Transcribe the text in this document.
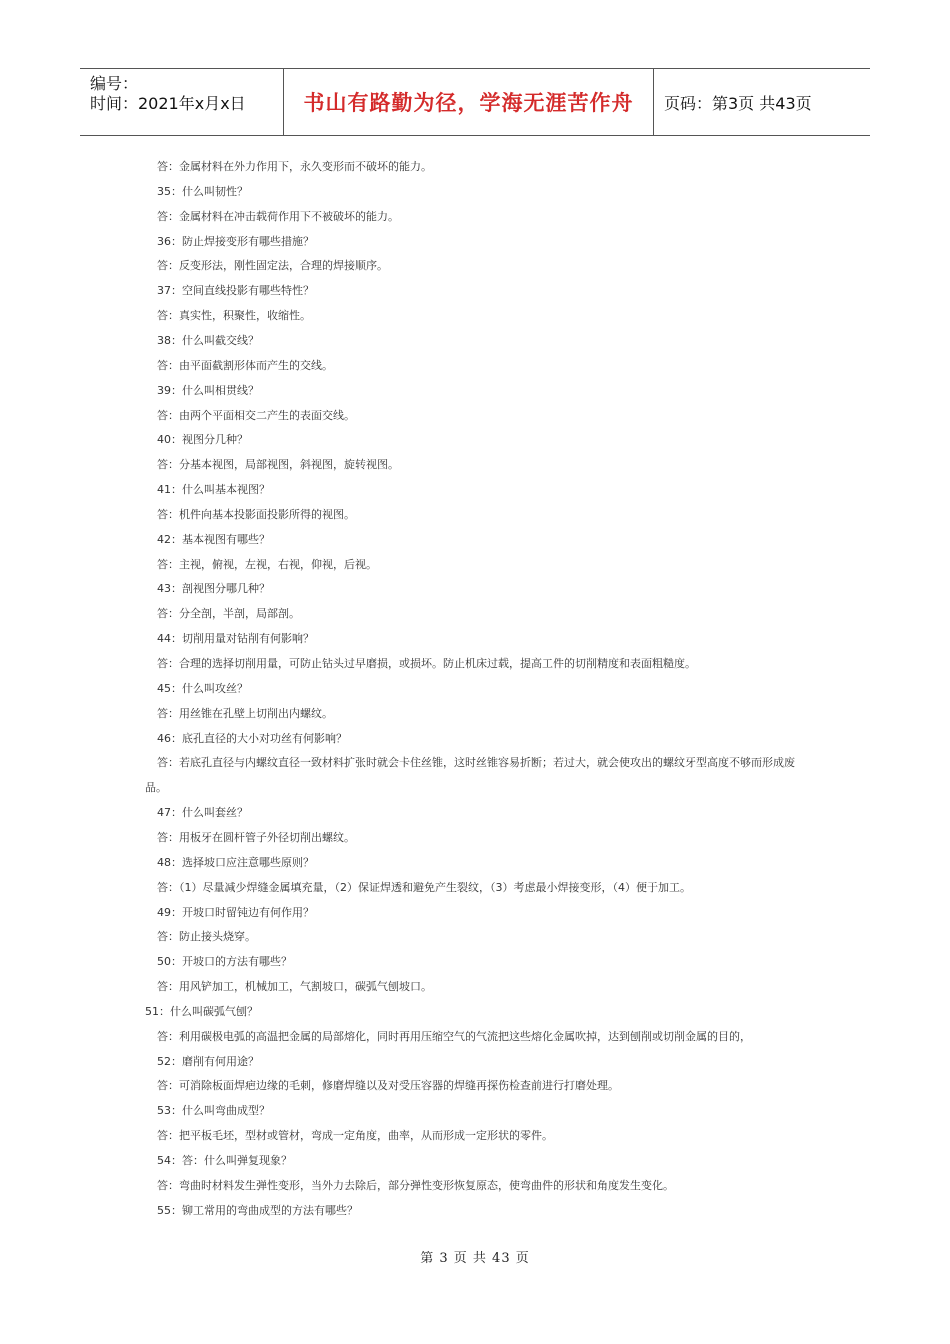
编号：
时间：2021年x月x日	书山有路勤为径，学海无涯苦作舟 页码：第3页 共43页
答：金属材料在外力作用下，永久变形而不破坏的能力。
35：什么叫韧性？
答：金属材料在冲击载荷作用下不被破坏的能力。
36：防止焊接变形有哪些措施？
答：反变形法，刚性固定法，合理的焊接顺序。
37：空间直线投影有哪些特性？
答：真实性，积聚性，收缩性。
38：什么叫截交线？
答：由平面截割形体而产生的交线。
39：什么叫相贯线？
答：由两个平面相交二产生的表面交线。
40：视图分几种？
答：分基本视图，局部视图，斜视图，旋转视图。
41：什么叫基本视图？
答：机件向基本投影面投影所得的视图。
42：基本视图有哪些？
答：主视，俯视，左视，右视，仰视，后视。
43：剖视图分哪几种？
答：分全剖，半剖，局部剖。
44：切削用量对钻削有何影响？
答：合理的选择切削用量，可防止钻头过早磨损，或损坏。防止机床过载，提高工件的切削精度和表面粗糙度。
45：什么叫攻丝？
答：用丝锥在孔壁上切削出内螺纹。
46：底孔直径的大小对功丝有何影响？
答：若底孔直径与内螺纹直径一致材料扩张时就会卡住丝锥，这时丝锥容易折断；若过大，就会使攻出的螺纹牙型高度不够而形成废
品。
47：什么叫套丝？
答：用板牙在圆杆管子外径切削出螺纹。
48：选择坡口应注意哪些原则？
答：（1）尽量减少焊缝金属填充量，（2）保证焊透和避免产生裂纹，（3）考虑最小焊接变形，（4）便于加工。
49：开坡口时留钝边有何作用？
答：防止接头烧穿。
50：开坡口的方法有哪些？
答：用风铲加工，机械加工，气割坡口，碳弧气刨坡口。
51：什么叫碳弧气刨？
答：利用碳极电弧的高温把金属的局部熔化，同时再用压缩空气的气流把这些熔化金属吹掉，达到刨削或切削金属的目的，
52：磨削有何用途？
答：可消除板面焊疤边缘的毛刺，修磨焊缝以及对受压容器的焊缝再探伤检查前进行打磨处理。
53：什么叫弯曲成型？
答：把平板毛坯，型材或管材，弯成一定角度，曲率，从而形成一定形状的零件。
54：答：什么叫弹复现象？
答：弯曲时材料发生弹性变形，当外力去除后，部分弹性变形恢复原态，使弯曲件的形状和角度发生变化。
55：铆工常用的弯曲成型的方法有哪些？
第 3 页 共 43 页
